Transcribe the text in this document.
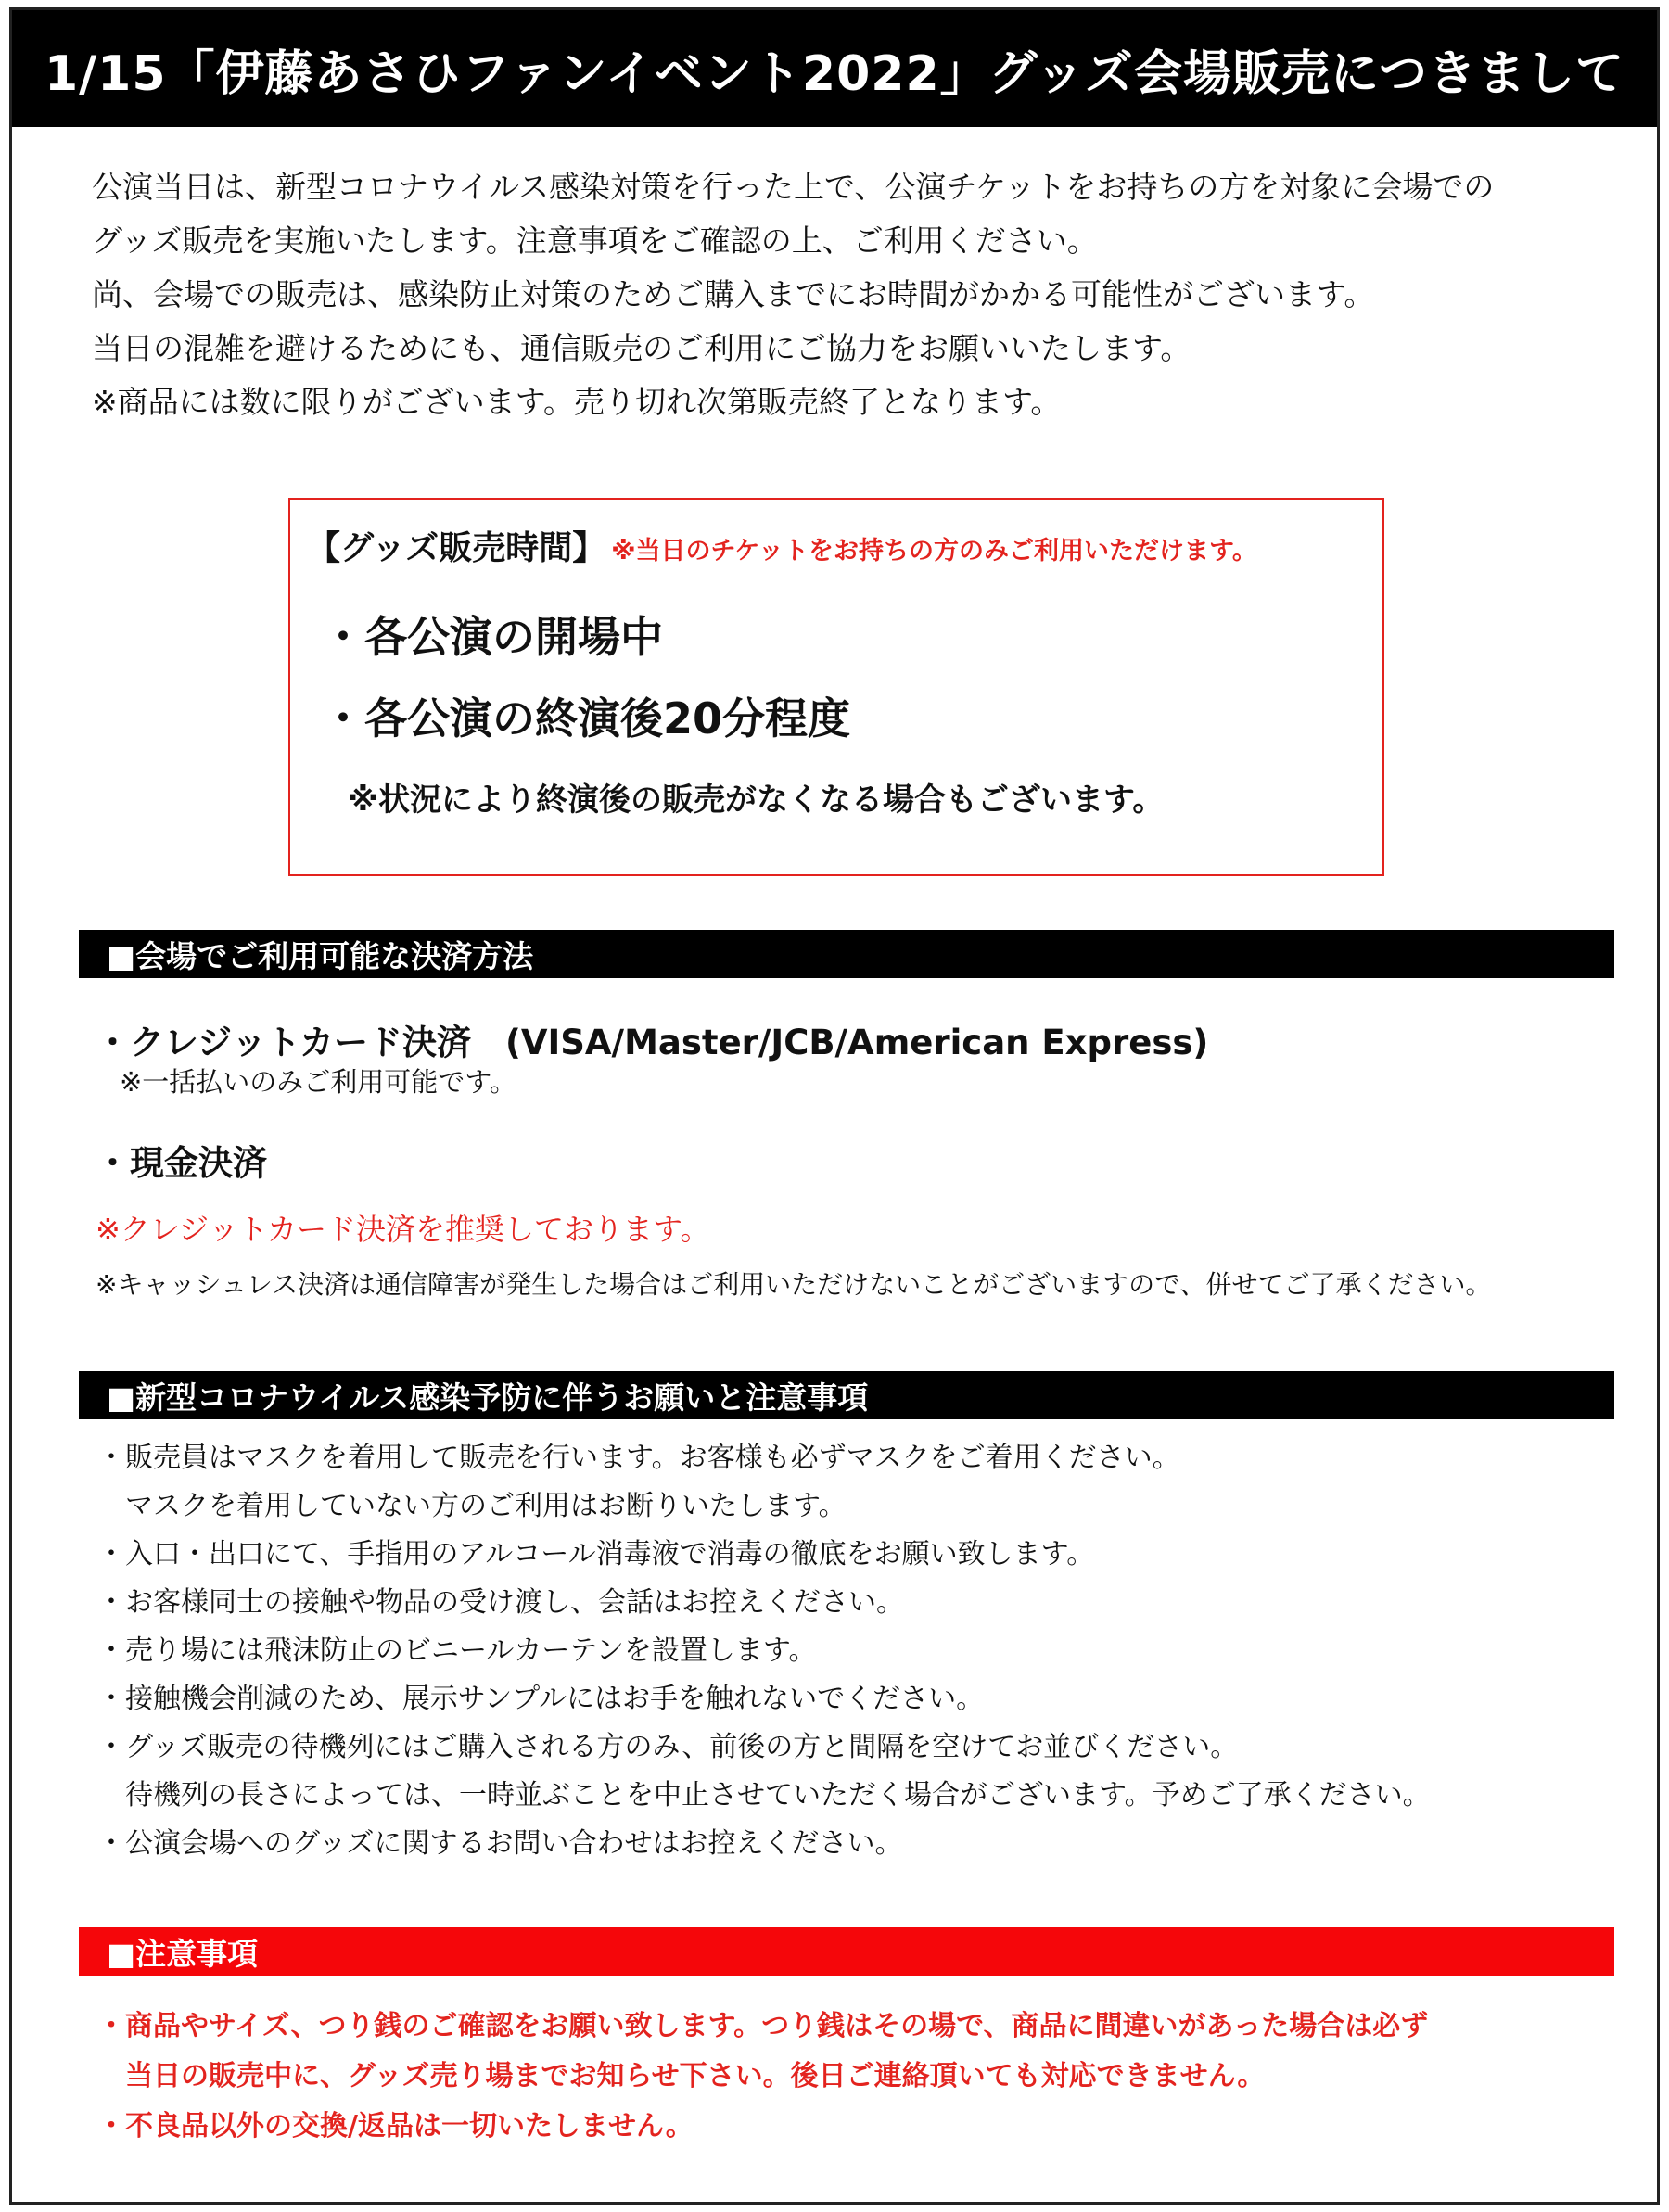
1/15「伊藤あさひファンイベント2022」グッズ会場販売につきまして

公演当日は、新型コロナウイルス感染対策を行った上で、公演チケットをお持ちの方を対象に会場での

グッズ販売を実施いたします。注意事項をご確認の上、ご利用ください。

尚、会場での販売は、感染防止対策のためご購入までにお時間がかかる可能性がございます。

当日の混雑を避けるためにも、通信販売のご利用にご協力をお願いいたします。

※商品には数に限りがございます。売り切れ次第販売終了となります。

【グッズ販売時間】 ※当日のチケットをお持ちの方のみご利用いただけます。
・各公演の開場中
・各公演の終演後20分程度
※状況により終演後の販売がなくなる場合もございます。
■会場でご利用可能な決済方法
・クレジットカード決済　(VISA/Master/JCB/American Express)
※一括払いのみご利用可能です。
・現金決済
※クレジットカード決済を推奨しております。
※キャッシュレス決済は通信障害が発生した場合はご利用いただけないことがございますので、併せてご了承ください。
■新型コロナウイルス感染予防に伴うお願いと注意事項
・販売員はマスクを着用して販売を行います。お客様も必ずマスクをご着用ください。
　マスクを着用していない方のご利用はお断りいたします。
・入口・出口にて、手指用のアルコール消毒液で消毒の徹底をお願い致します。
・お客様同士の接触や物品の受け渡し、会話はお控えください。
・売り場には飛沫防止のビニールカーテンを設置します。
・接触機会削減のため、展示サンプルにはお手を触れないでください。
・グッズ販売の待機列にはご購入される方のみ、前後の方と間隔を空けてお並びください。
　待機列の長さによっては、一時並ぶことを中止させていただく場合がございます。予めご了承ください。
・公演会場へのグッズに関するお問い合わせはお控えください。
■注意事項
・商品やサイズ、つり銭のご確認をお願い致します。つり銭はその場で、商品に間違いがあった場合は必ず
　当日の販売中に、グッズ売り場までお知らせ下さい。後日ご連絡頂いても対応できません。
・不良品以外の交換/返品は一切いたしません。
